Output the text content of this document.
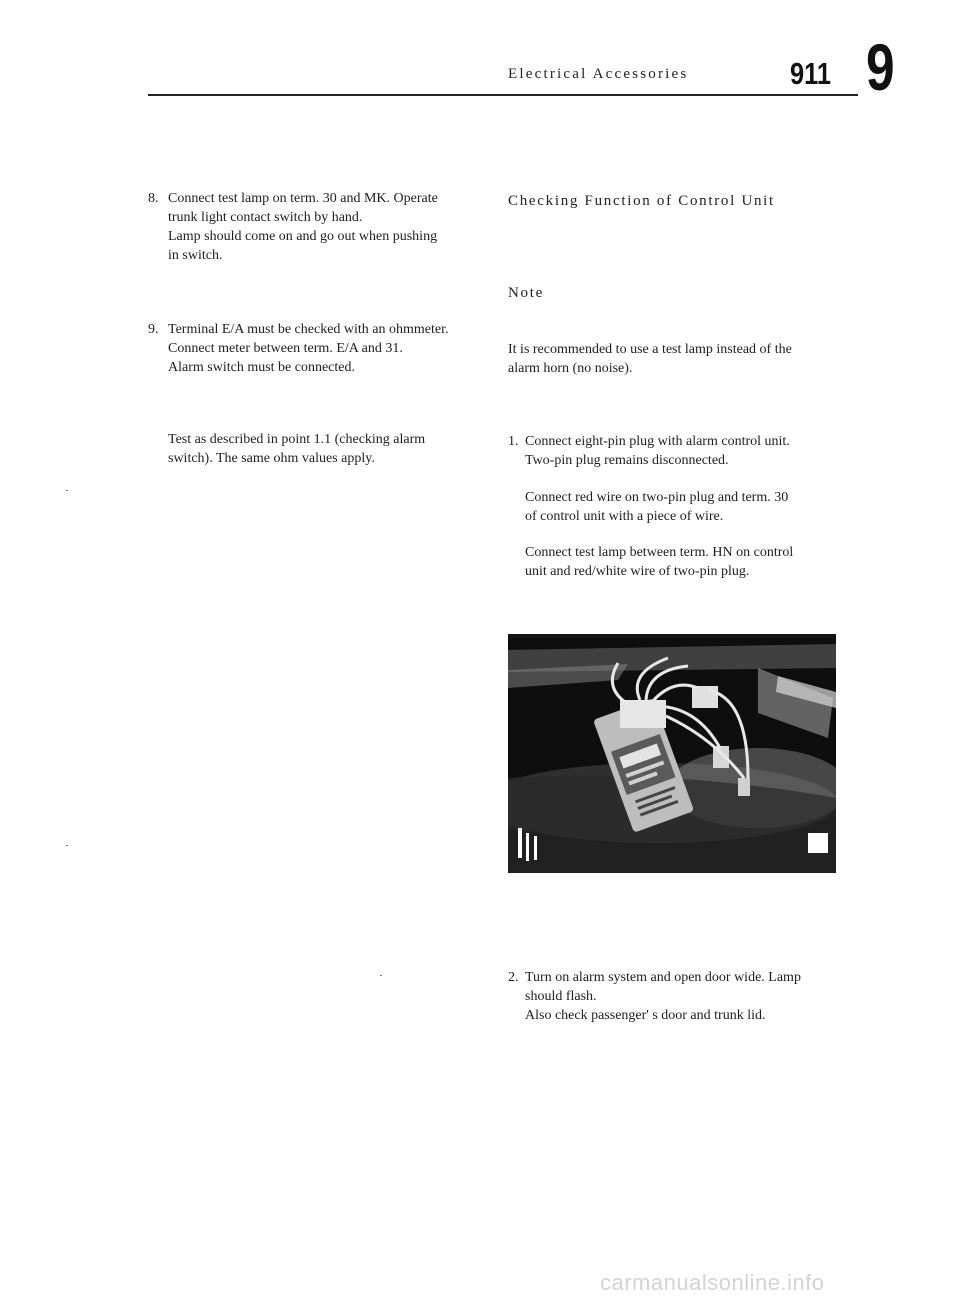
Electrical Accessories	911 9
8. Connect test lamp on term. 30 and MK. Operate
trunk light contact switch by hand.
Lamp should come on and go out when pushing
in switch.
9. Terminal E/A must be checked with an ohmmeter.
Connect meter between term. E/A and 31.
Alarm switch must be connected.
Test as described in point 1.1 (checking alarm
switch). The same ohm values apply.
Checking Function of Control Unit
Note
It is recommended to use a test lamp instead of the
alarm horn (no noise).
1. Connect eight-pin plug with alarm control unit.
Two-pin plug remains disconnected.
Connect red wire on two-pin plug and term. 30
of control unit with a piece of wire.
Connect test lamp between term. HN on control
unit and red/white wire of two-pin plug.
2. Turn on alarm system and open door wide. Lamp
should flash.
Also check passenger' s door and trunk lid.
carmanualsonline.info
